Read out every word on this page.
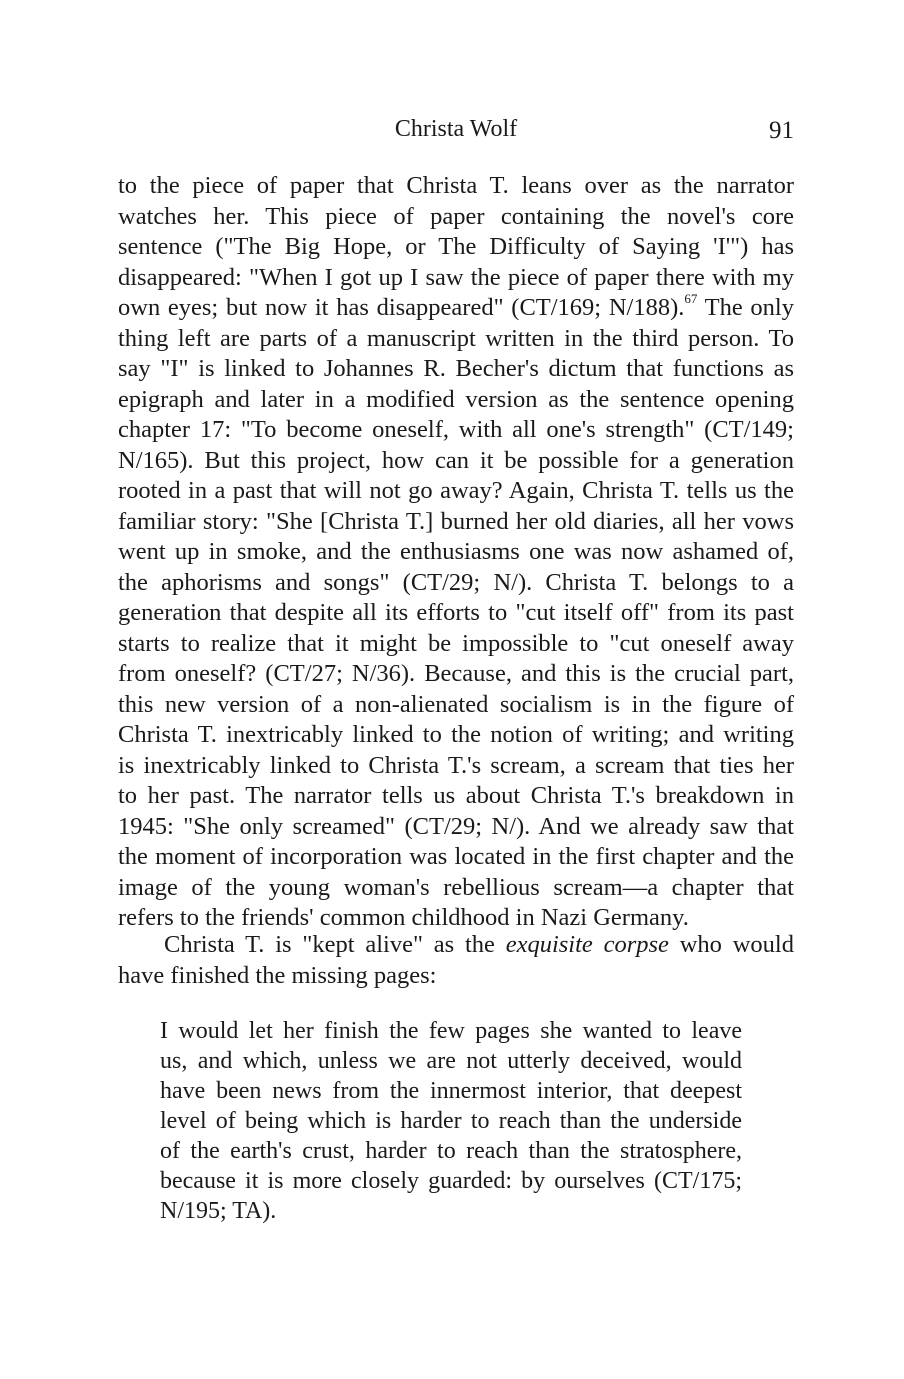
Christa Wolf	91
to the piece of paper that Christa T. leans over as the narrator
watches her. This piece of paper containing the novel's core
sentence ("The Big Hope, or The Difficulty of Saying 'I'") has
disappeared: "When I got up I saw the piece of paper there with my
own eyes; but now it has disappeared" (CT/169; N/188).$^{67}$ The only
thing left are parts of a manuscript written in the third person. To
say "I" is linked to Johannes R. Becher's dictum that functions as
epigraph and later in a modified version as the sentence opening
chapter 17: "To become oneself, with all one's strength" (CT/149;
N/165). But this project, how can it be possible for a generation
rooted in a past that will not go away? Again, Christa T. tells us the
familiar story: "She [Christa T.] burned her old diaries, all her vows
went up in smoke, and the enthusiasms one was now ashamed of,
the aphorisms and songs" (CT/29; N/). Christa T. belongs to a
generation that despite all its efforts to "cut itself off" from its past
starts to realize that it might be impossible to "cut oneself away
from oneself? (CT/27; N/36). Because, and this is the crucial part,
this new version of a non-alienated socialism is in the figure of
Christa T. inextricably linked to the notion of writing; and writing
is inextricably linked to Christa T.'s scream, a scream that ties her
to her past. The narrator tells us about Christa T.'s breakdown in
1945: "She only screamed" (CT/29; N/). And we already saw that
the moment of incorporation was located in the first chapter and the
image of the young woman's rebellious scream—a chapter that
refers to the friends' common childhood in Nazi Germany.
Christa T. is "kept alive" as the exquisite corpse who would
have finished the missing pages:
I would let her finish the few pages she wanted to leave
us, and which, unless we are not utterly deceived, would
have been news from the innermost interior, that deepest
level of being which is harder to reach than the underside
of the earth's crust, harder to reach than the stratosphere,
because it is more closely guarded: by ourselves (CT/175;
N/195; TA).
